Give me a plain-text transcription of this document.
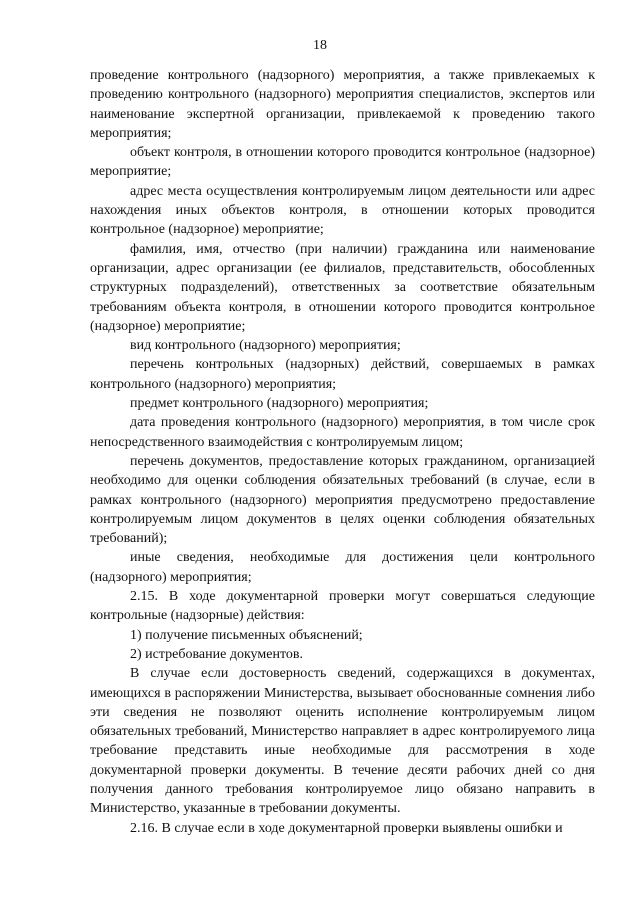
18

проведение контрольного (надзорного) мероприятия, а также привлекаемых к проведению контрольного (надзорного) мероприятия специалистов, экспертов или наименование экспертной организации, привлекаемой к проведению такого мероприятия;

объект контроля, в отношении которого проводится контрольное (надзорное) мероприятие;

адрес места осуществления контролируемым лицом деятельности или адрес нахождения иных объектов контроля, в отношении которых проводится контрольное (надзорное) мероприятие;

фамилия, имя, отчество (при наличии) гражданина или наименование организации, адрес организации (ее филиалов, представительств, обособленных структурных подразделений), ответственных за соответствие обязательным требованиям объекта контроля, в отношении которого проводится контрольное (надзорное) мероприятие;

вид контрольного (надзорного) мероприятия;

перечень контрольных (надзорных) действий, совершаемых в рамках контрольного (надзорного) мероприятия;

предмет контрольного (надзорного) мероприятия;

дата проведения контрольного (надзорного) мероприятия, в том числе срок непосредственного взаимодействия с контролируемым лицом;

перечень документов, предоставление которых гражданином, организацией необходимо для оценки соблюдения обязательных требований (в случае, если в рамках контрольного (надзорного) мероприятия предусмотрено предоставление контролируемым лицом документов в целях оценки соблюдения обязательных требований);

иные сведения, необходимые для достижения цели контрольного (надзорного) мероприятия;

2.15. В ходе документарной проверки могут совершаться следующие контрольные (надзорные) действия:

1) получение письменных объяснений;

2) истребование документов.

В случае если достоверность сведений, содержащихся в документах, имеющихся в распоряжении Министерства, вызывает обоснованные сомнения либо эти сведения не позволяют оценить исполнение контролируемым лицом обязательных требований, Министерство направляет в адрес контролируемого лица требование представить иные необходимые для рассмотрения в ходе документарной проверки документы. В течение десяти рабочих дней со дня получения данного требования контролируемое лицо обязано направить в Министерство, указанные в требовании документы.

2.16. В случае если в ходе документарной проверки выявлены ошибки и
